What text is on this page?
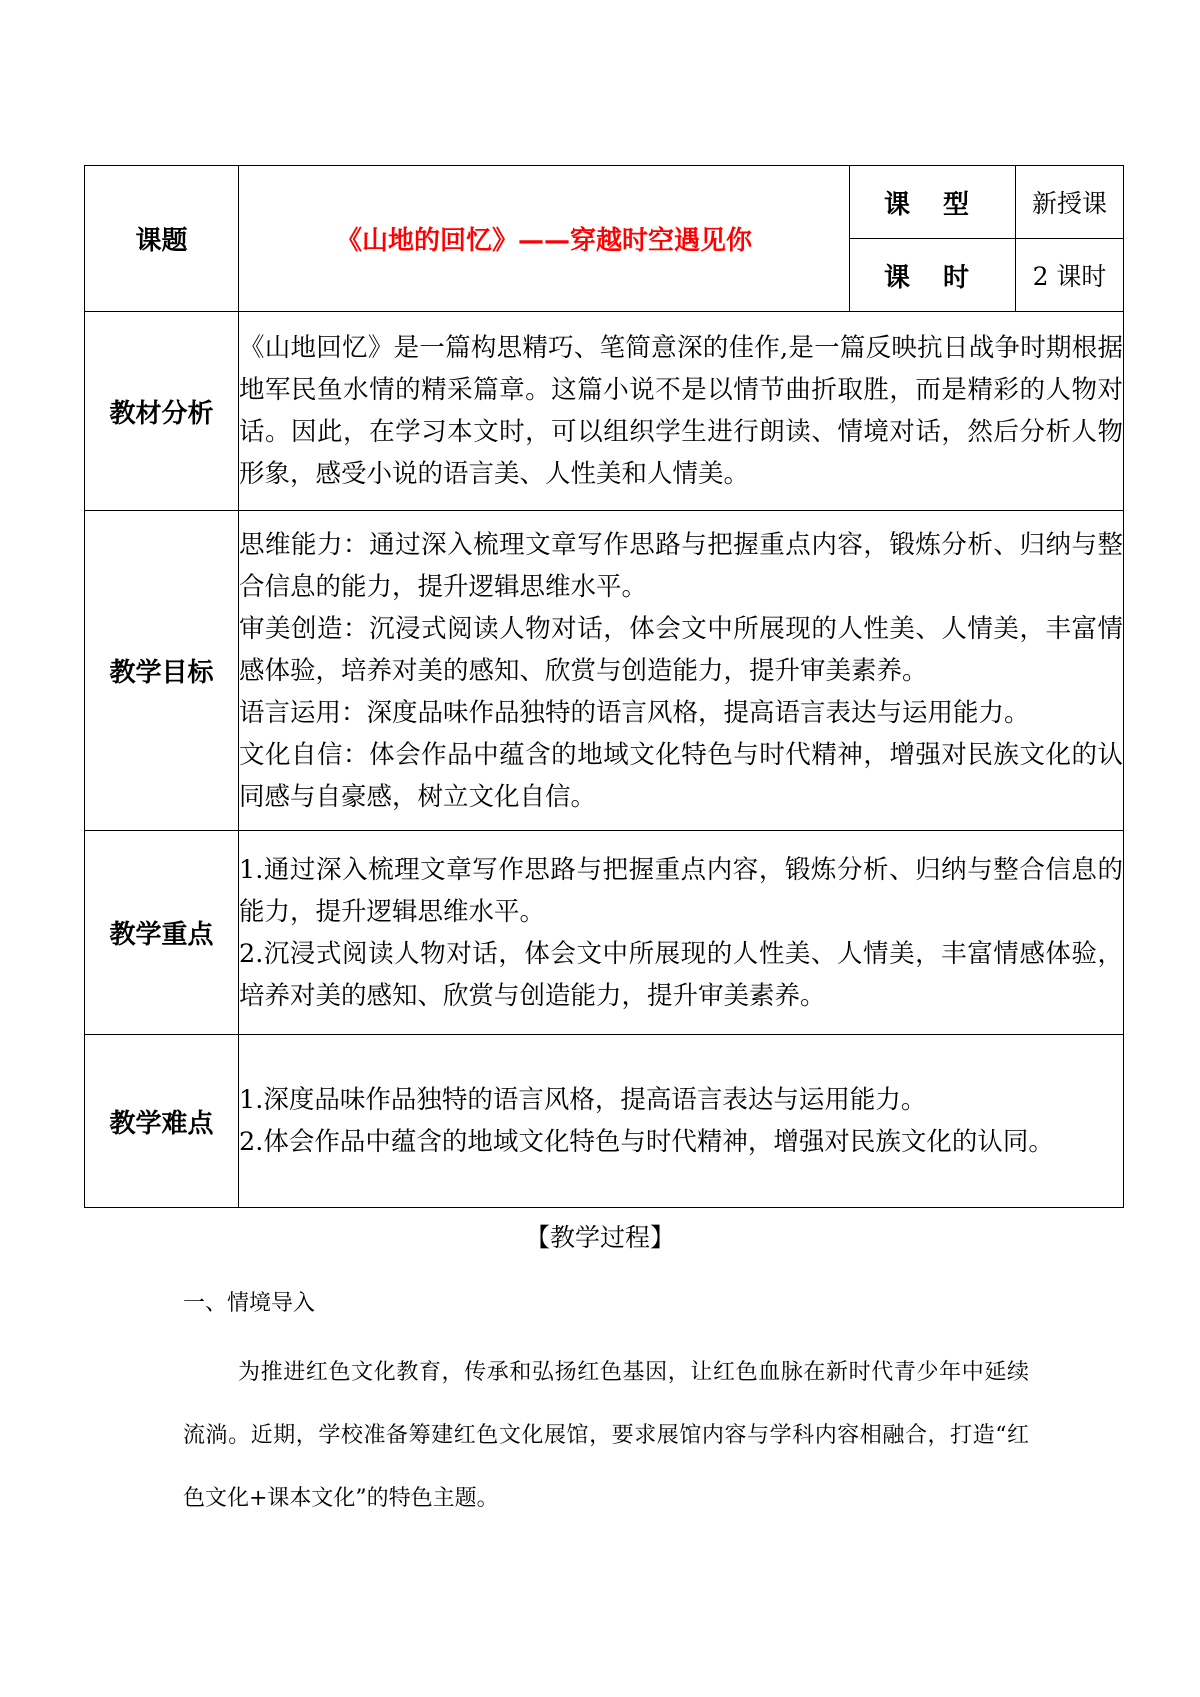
课题	《山地的回忆》——穿越时空遇见你	课 型	新授课
		课 时	2 课时
教材分析	《山地回忆》是一篇构思精巧、笔简意深的佳作,是一篇反映抗日战争时期根据地军民鱼水情的精采篇章。这篇小说不是以情节曲折取胜，而是精彩的人物对话。因此，在学习本文时，可以组织学生进行朗读、情境对话，然后分析人物形象，感受小说的语言美、人性美和人情美。		

教学目标	思维能力：通过深入梳理文章写作思路与把握重点内容，锻炼分析、归纳与整合信息的能力，提升逻辑思维水平。

审美创造：沉浸式阅读人物对话，体会文中所展现的人性美、人情美，丰富情感体验，培养对美的感知、欣赏与创造能力，提升审美素养。

语言运用：深度品味作品独特的语言风格，提高语言表达与运用能力。

文化自信：体会作品中蕴含的地域文化特色与时代精神，增强对民族文化的认同感与自豪感，树立文化自信。		

教学重点	1.通过深入梳理文章写作思路与把握重点内容，锻炼分析、归纳与整合信息的能力，提升逻辑思维水平。

2.沉浸式阅读人物对话，体会文中所展现的人性美、人情美，丰富情感体验，培养对美的感知、欣赏与创造能力，提升审美素养。		

教学难点	1.深度品味作品独特的语言风格，提高语言表达与运用能力。

2.体会作品中蕴含的地域文化特色与时代精神，增强对民族文化的认同。		

【教学过程】
一、情境导入

为推进红色文化教育，传承和弘扬红色基因，让红色血脉在新时代青少年中延续流淌。近期，学校准备筹建红色文化展馆，要求展馆内容与学科内容相融合，打造“红色文化+课本文化”的特色主题。
